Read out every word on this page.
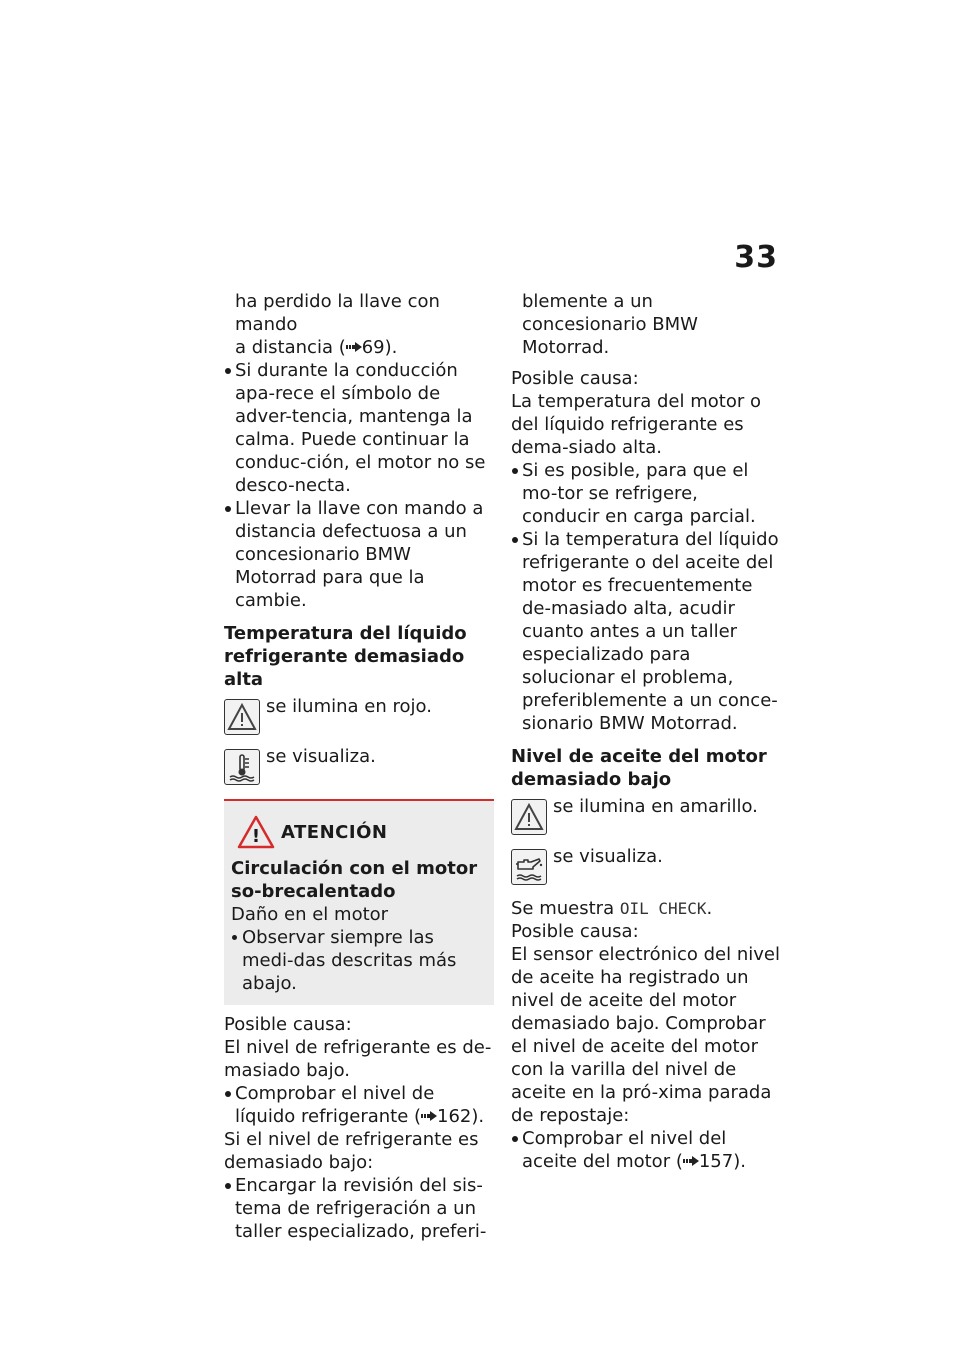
33

ha perdido la llave con mando
a distancia ( 69).

Si durante la conducción apa-rece el símbolo de adver-tencia, mantenga la calma. Puede continuar la conduc-ción, el motor no se desco-necta.

Llevar la llave con mando a distancia defectuosa a un concesionario BMW Motorrad para que la cambie.

Temperatura del líquido refrigerante demasiado alta

se ilumina en rojo.
se visualiza.
! ATENCIÓN

Circulación con el motor so-brecalentado

Daño en el motor

Observar siempre las medi-das descritas más abajo.

Posible causa:

El nivel de refrigerante es de-masiado bajo.

Comprobar el nivel de líquido refrigerante ( 162).

Si el nivel de refrigerante es demasiado bajo:

Encargar la revisión del sis-tema de refrigeración a un taller especializado, preferi-

blemente a un concesionario BMW Motorrad.

Posible causa:

La temperatura del motor o del líquido refrigerante es dema-siado alta.

Si es posible, para que el mo-tor se refrigere, conducir en carga parcial.

Si la temperatura del líquido refrigerante o del aceite del motor es frecuentemente de-masiado alta, acudir cuanto antes a un taller especializado para solucionar el problema, preferiblemente a un conce-sionario BMW Motorrad.

Nivel de aceite del motor demasiado bajo

se ilumina en amarillo.
se visualiza.

Se muestra OIL CHECK.

Posible causa:

El sensor electrónico del nivel de aceite ha registrado un nivel de aceite del motor demasiado bajo. Comprobar el nivel de aceite del motor con la varilla del nivel de aceite en la pró-xima parada de repostaje:

Comprobar el nivel del aceite del motor ( 157).
